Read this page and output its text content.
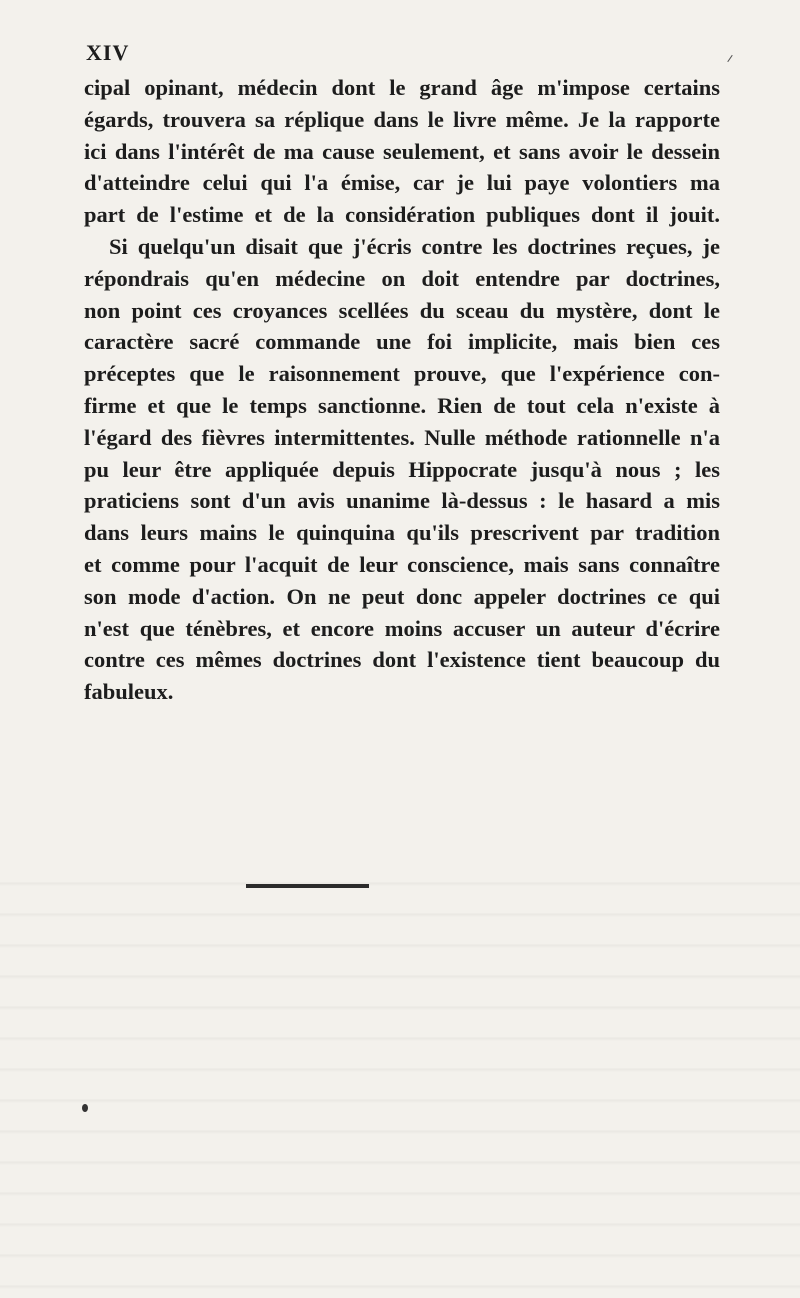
XIV

cipal opinant, médecin dont le grand âge m'impose certains
égards, trouvera sa réplique dans le livre même. Je la rapporte
ici dans l'intérêt de ma cause seulement, et sans avoir le dessein
d'atteindre celui qui l'a émise, car je lui paye volontiers ma
part de l'estime et de la considération publiques dont il jouit.
Si quelqu'un disait que j'écris contre les doctrines reçues, je
répondrais qu'en médecine on doit entendre par doctrines,
non point ces croyances scellées du sceau du mystère, dont le
caractère sacré commande une foi implicite, mais bien ces
préceptes que le raisonnement prouve, que l'expérience con-
firme et que le temps sanctionne. Rien de tout cela n'existe à
l'égard des fièvres intermittentes. Nulle méthode rationnelle n'a
pu leur être appliquée depuis Hippocrate jusqu'à nous ; les
praticiens sont d'un avis unanime là-dessus : le hasard a mis
dans leurs mains le quinquina qu'ils prescrivent par tradition
et comme pour l'acquit de leur conscience, mais sans connaître
son mode d'action. On ne peut donc appeler doctrines ce qui
n'est que ténèbres, et encore moins accuser un auteur d'écrire
contre ces mêmes doctrines dont l'existence tient beaucoup du
fabuleux.
